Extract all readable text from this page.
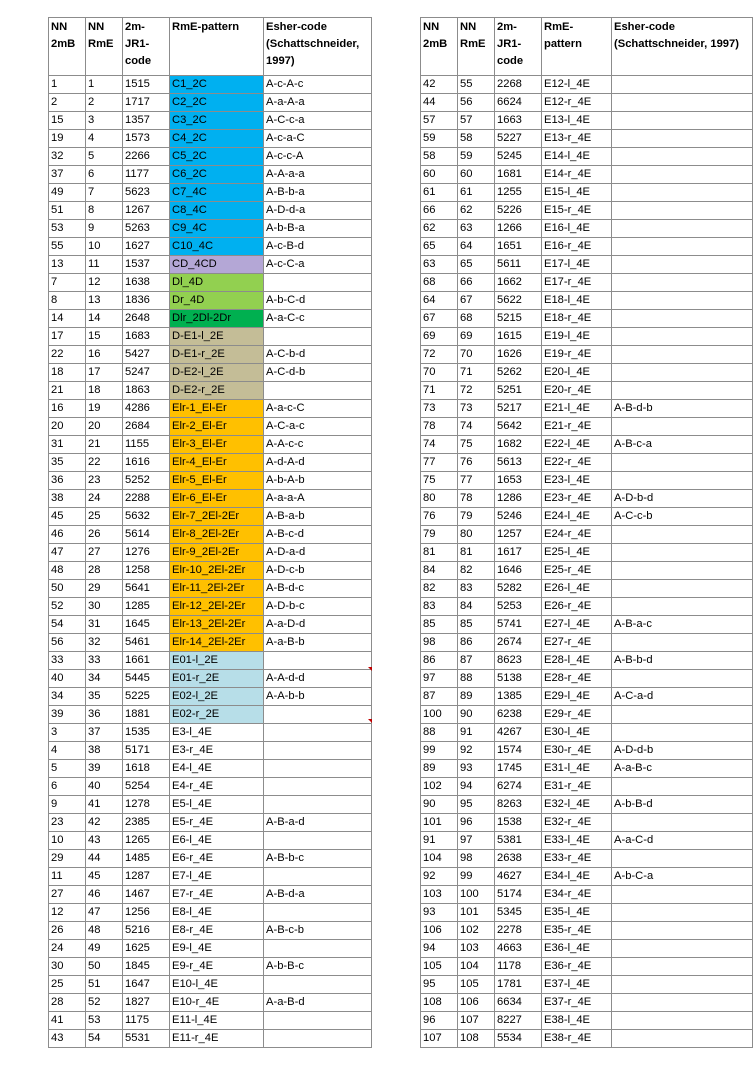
NN 2mB	NN RmE	2m-JR1-code	RmE-pattern	Esher-code (Schattschneider, 1997)
1	1	1515	C1_2C	A-c-A-c
2	2	1717	C2_2C	A-a-A-a
15	3	1357	C3_2C	A-C-c-a
19	4	1573	C4_2C	A-c-a-C
32	5	2266	C5_2C	A-c-c-A
37	6	1177	C6_2C	A-A-a-a
49	7	5623	C7_4C	A-B-b-a
51	8	1267	C8_4C	A-D-d-a
53	9	5263	C9_4C	A-b-B-a
55	10	1627	C10_4C	A-c-B-d
13	11	1537	CD_4CD	A-c-C-a
7	12	1638	Dl_4D	
8	13	1836	Dr_4D	A-b-C-d
14	14	2648	Dlr_2Dl-2Dr	A-a-C-c
17	15	1683	D-E1-l_2E	
22	16	5427	D-E1-r_2E	A-C-b-d
18	17	5247	D-E2-l_2E	A-C-d-b
21	18	1863	D-E2-r_2E	
16	19	4286	Elr-1_El-Er	A-a-c-C
20	20	2684	Elr-2_El-Er	A-C-a-c
31	21	1155	Elr-3_El-Er	A-A-c-c
35	22	1616	Elr-4_El-Er	A-d-A-d
36	23	5252	Elr-5_El-Er	A-b-A-b
38	24	2288	Elr-6_El-Er	A-a-a-A
45	25	5632	Elr-7_2El-2Er	A-B-a-b
46	26	5614	Elr-8_2El-2Er	A-B-c-d
47	27	1276	Elr-9_2El-2Er	A-D-a-d
48	28	1258	Elr-10_2El-2Er	A-D-c-b
50	29	5641	Elr-11_2El-2Er	A-B-d-c
52	30	1285	Elr-12_2El-2Er	A-D-b-c
54	31	1645	Elr-13_2El-2Er	A-a-D-d
56	32	5461	Elr-14_2El-2Er	A-a-B-b
33	33	1661	E01-l_2E	
40	34	5445	E01-r_2E	A-A-d-d
34	35	5225	E02-l_2E	A-A-b-b
39	36	1881	E02-r_2E	
3	37	1535	E3-l_4E	
4	38	5171	E3-r_4E	
5	39	1618	E4-l_4E	
6	40	5254	E4-r_4E	
9	41	1278	E5-l_4E	
23	42	2385	E5-r_4E	A-B-a-d
10	43	1265	E6-l_4E	
29	44	1485	E6-r_4E	A-B-b-c
11	45	1287	E7-l_4E	
27	46	1467	E7-r_4E	A-B-d-a
12	47	1256	E8-l_4E	
26	48	5216	E8-r_4E	A-B-c-b
24	49	1625	E9-l_4E	
30	50	1845	E9-r_4E	A-b-B-c
25	51	1647	E10-l_4E	
28	52	1827	E10-r_4E	A-a-B-d
41	53	1175	E11-l_4E	
43	54	5531	E11-r_4E	
NN 2mB	NN RmE	2m-JR1-code	RmE-pattern	Esher-code (Schattschneider, 1997)
42	55	2268	E12-l_4E	
44	56	6624	E12-r_4E	
57	57	1663	E13-l_4E	
59	58	5227	E13-r_4E	
58	59	5245	E14-l_4E	
60	60	1681	E14-r_4E	
61	61	1255	E15-l_4E	
66	62	5226	E15-r_4E	
62	63	1266	E16-l_4E	
65	64	1651	E16-r_4E	
63	65	5611	E17-l_4E	
68	66	1662	E17-r_4E	
64	67	5622	E18-l_4E	
67	68	5215	E18-r_4E	
69	69	1615	E19-l_4E	
72	70	1626	E19-r_4E	
70	71	5262	E20-l_4E	
71	72	5251	E20-r_4E	
73	73	5217	E21-l_4E	A-B-d-b
78	74	5642	E21-r_4E	
74	75	1682	E22-l_4E	A-B-c-a
77	76	5613	E22-r_4E	
75	77	1653	E23-l_4E	
80	78	1286	E23-r_4E	A-D-b-d
76	79	5246	E24-l_4E	A-C-c-b
79	80	1257	E24-r_4E	
81	81	1617	E25-l_4E	
84	82	1646	E25-r_4E	
82	83	5282	E26-l_4E	
83	84	5253	E26-r_4E	
85	85	5741	E27-l_4E	A-B-a-c
98	86	2674	E27-r_4E	
86	87	8623	E28-l_4E	A-B-b-d
97	88	5138	E28-r_4E	
87	89	1385	E29-l_4E	A-C-a-d
100	90	6238	E29-r_4E	
88	91	4267	E30-l_4E	
99	92	1574	E30-r_4E	A-D-d-b
89	93	1745	E31-l_4E	A-a-B-c
102	94	6274	E31-r_4E	
90	95	8263	E32-l_4E	A-b-B-d
101	96	1538	E32-r_4E	
91	97	5381	E33-l_4E	A-a-C-d
104	98	2638	E33-r_4E	
92	99	4627	E34-l_4E	A-b-C-a
103	100	5174	E34-r_4E	
93	101	5345	E35-l_4E	
106	102	2278	E35-r_4E	
94	103	4663	E36-l_4E	
105	104	1178	E36-r_4E	
95	105	1781	E37-l_4E	
108	106	6634	E37-r_4E	
96	107	8227	E38-l_4E	
107	108	5534	E38-r_4E	
